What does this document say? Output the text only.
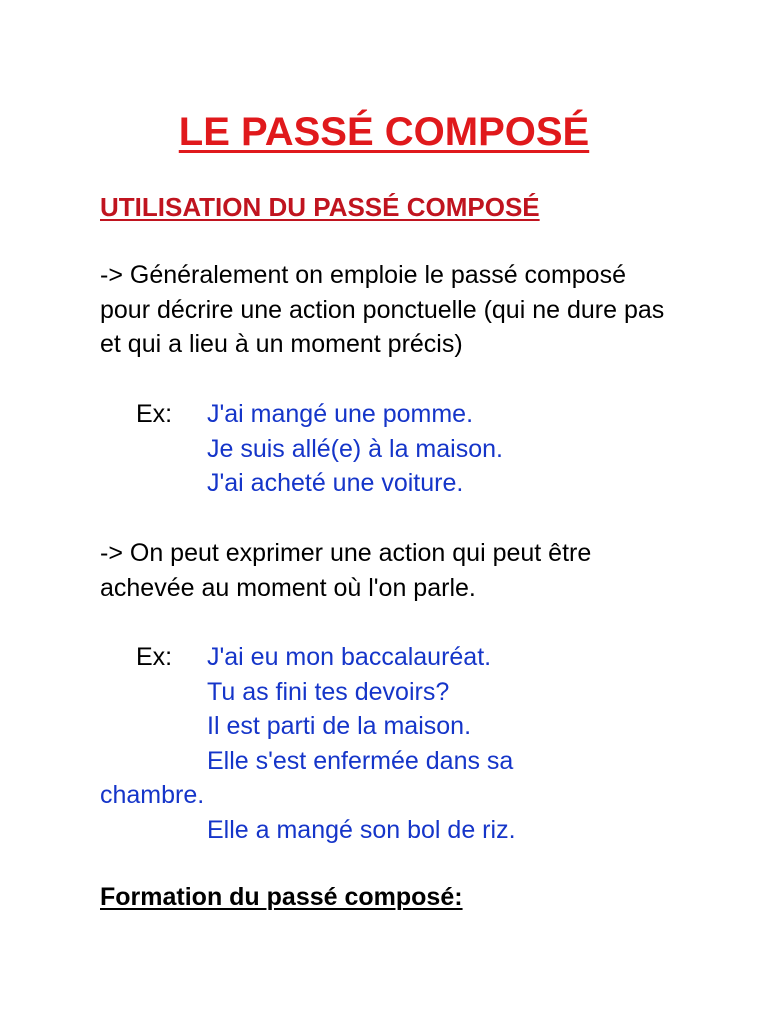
LE PASSÉ COMPOSÉ
UTILISATION DU PASSÉ COMPOSÉ
-> Généralement on emploie le passé composé pour décrire une action ponctuelle (qui ne dure pas et qui a lieu à un moment précis)
Ex: J'ai mangé une pomme.
Je suis allé(e) à la maison.
J'ai acheté une voiture.
-> On peut exprimer une action qui peut être achevée au moment où l'on parle.
Ex: J'ai eu mon baccalauréat.
Tu as fini tes devoirs?
Il est parti de la maison.
Elle s'est enfermée dans sa
chambre.
Elle a mangé son bol de riz.
Formation du passé composé:
